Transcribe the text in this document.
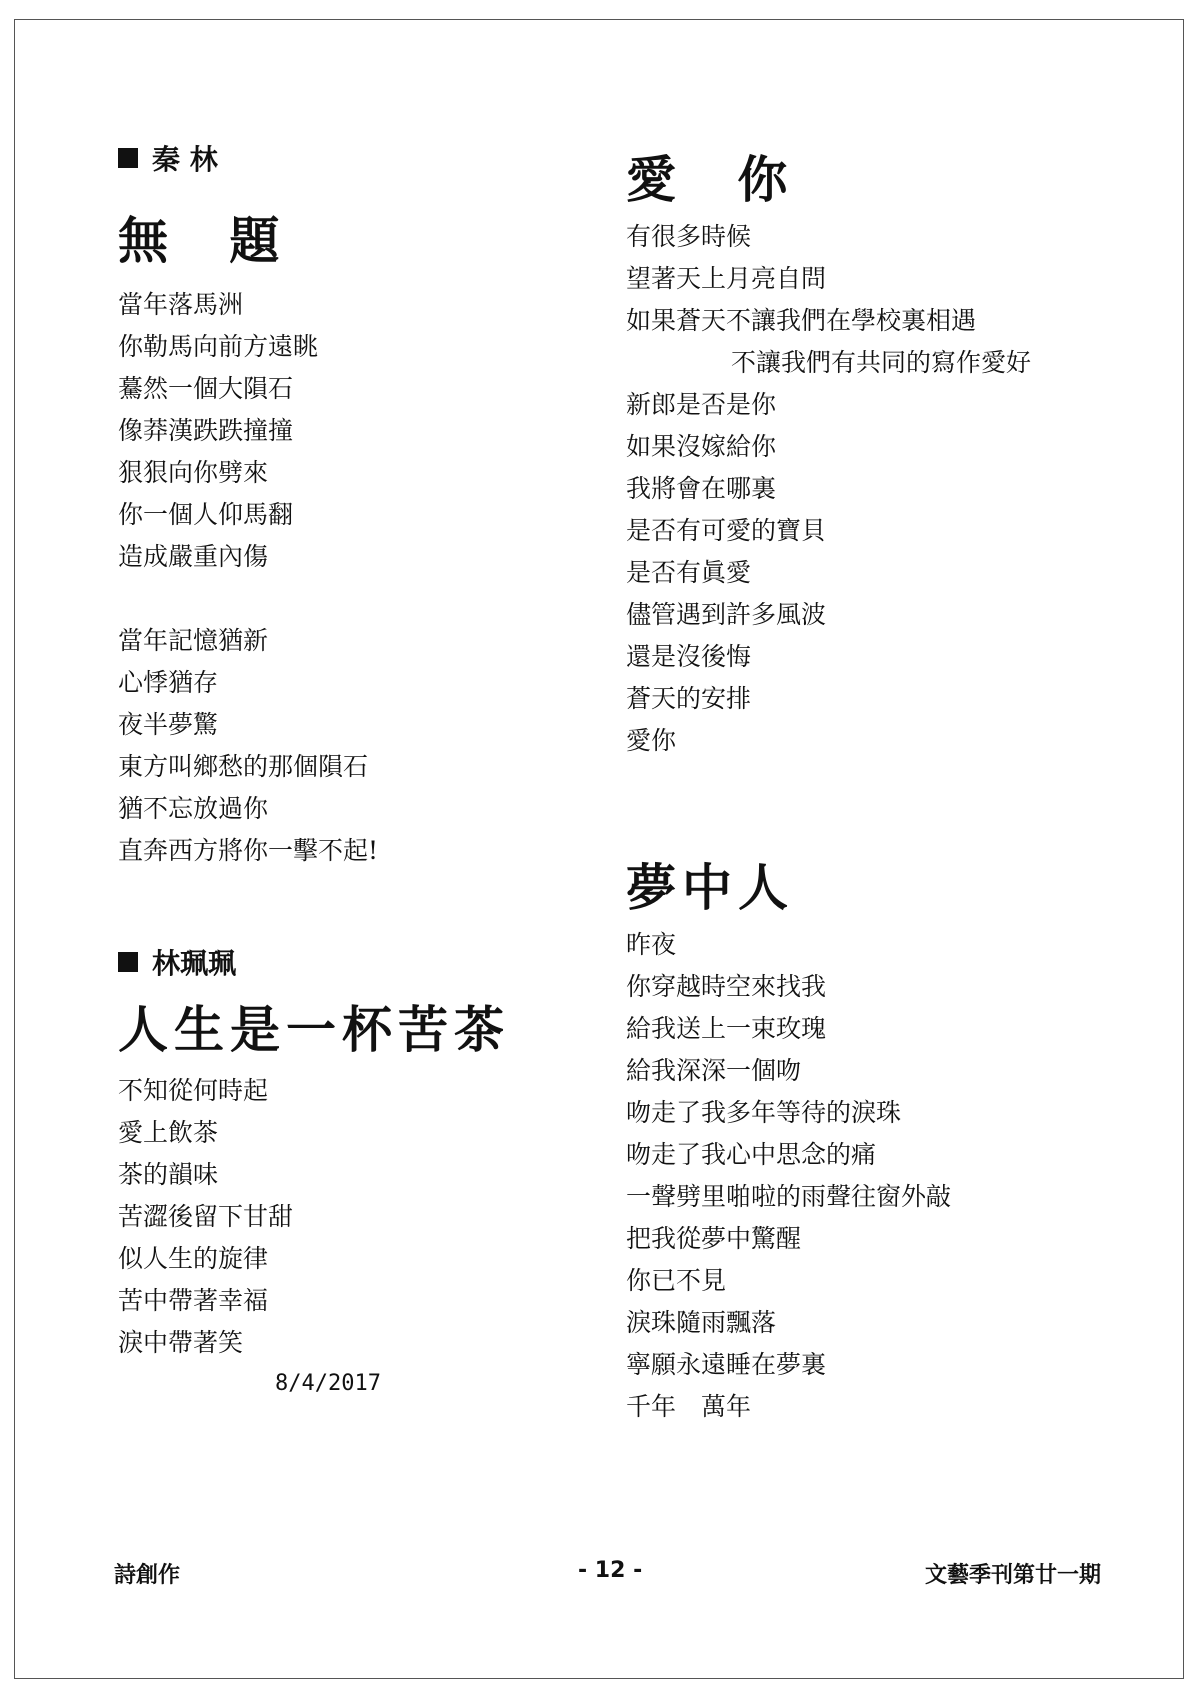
秦 林
無 題
當年落馬洲
你勒馬向前方遠眺
驀然一個大隕石
像莽漢跌跌撞撞
狠狠向你劈來
你一個人仰馬翻
造成嚴重內傷
當年記憶猶新
心悸猶存
夜半夢驚
東方叫鄉愁的那個隕石
猶不忘放過你
直奔西方將你一擊不起!
林珮珮
人生是一杯苦茶
不知從何時起
愛上飲茶
茶的韻味
苦澀後留下甘甜
似人生的旋律
苦中帶著幸福
淚中帶著笑
8/4/2017
愛 你
有很多時候
望著天上月亮自問
如果蒼天不讓我們在學校裏相遇
不讓我們有共同的寫作愛好
新郎是否是你
如果沒嫁給你
我將會在哪裏
是否有可愛的寶貝
是否有眞愛
儘管遇到許多風波
還是沒後悔
蒼天的安排
愛你
夢中人
昨夜
你穿越時空來找我
給我送上一束玫瑰
給我深深一個吻
吻走了我多年等待的淚珠
吻走了我心中思念的痛
一聲劈里啪啦的雨聲往窗外敲
把我從夢中驚醒
你已不見
淚珠隨雨飄落
寧願永遠睡在夢裏
千年　萬年
詩創作	- 12 -	文藝季刊第廿一期
